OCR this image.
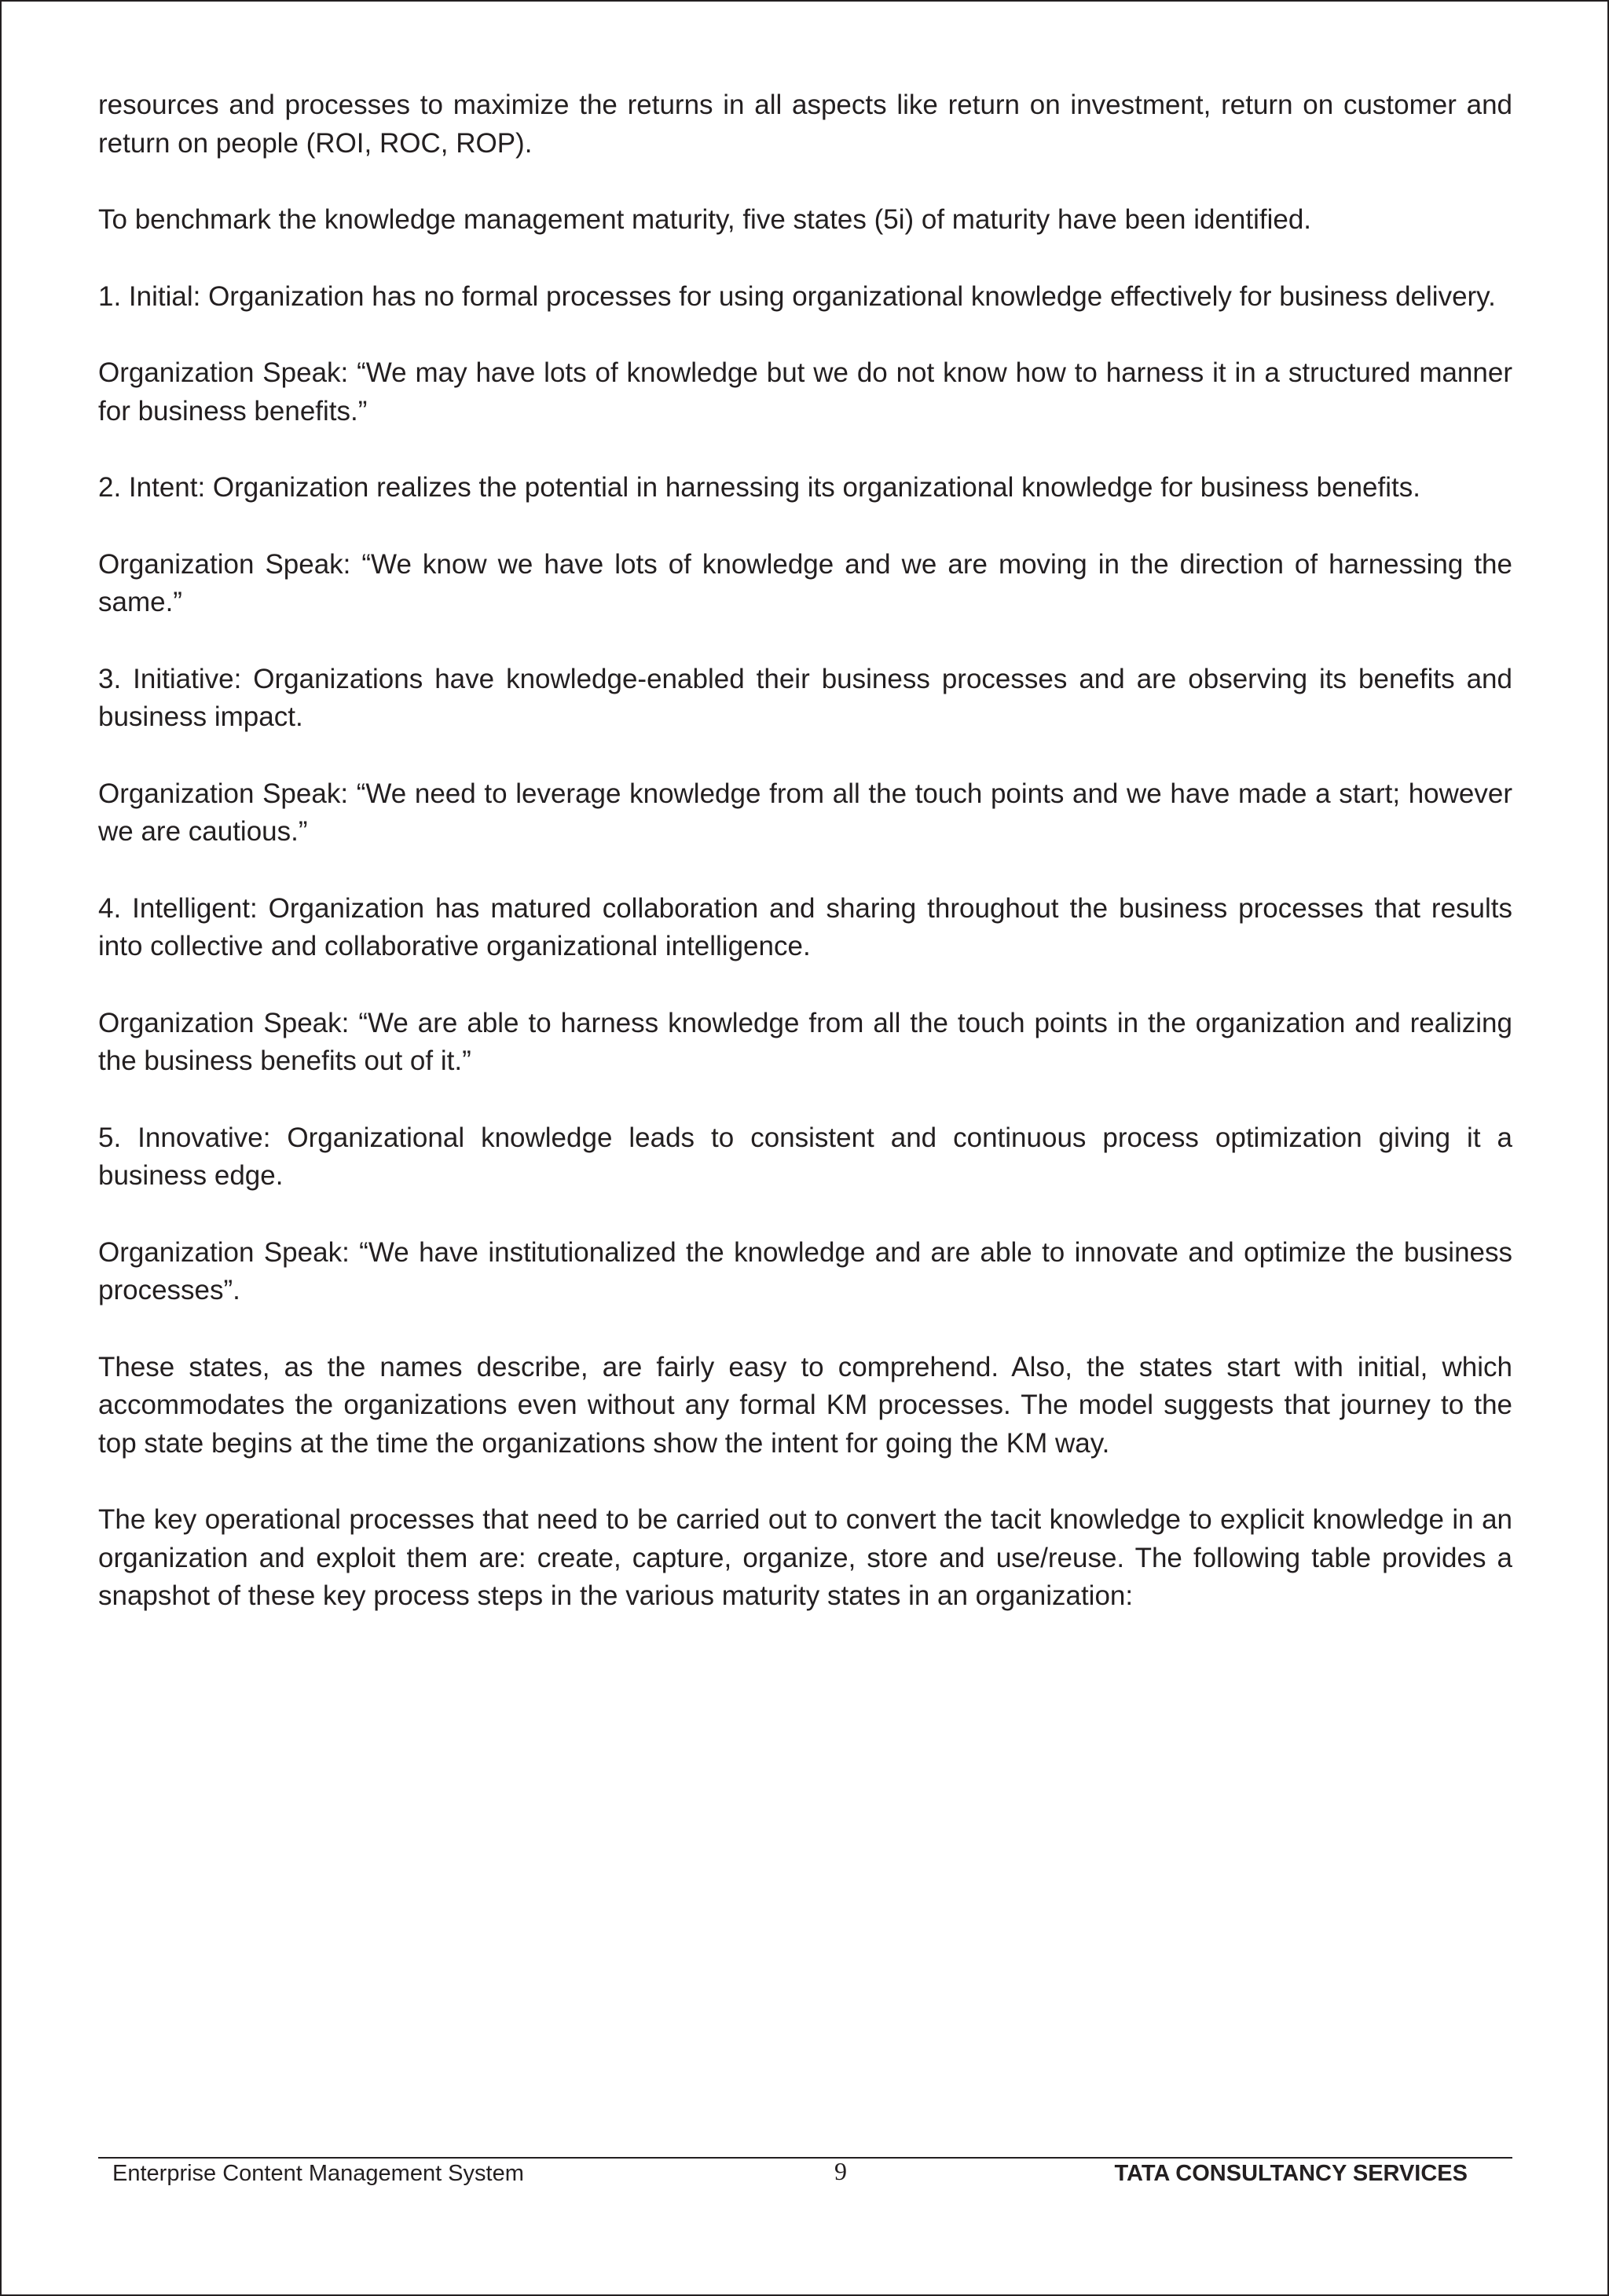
resources and processes to maximize the returns in all aspects like return on investment, return on customer and return on people (ROI, ROC, ROP).

To benchmark the knowledge management maturity, five states (5i) of maturity have been identified.

1. Initial: Organization has no formal processes for using organizational knowledge effectively for business delivery.

Organization Speak: “We may have lots of knowledge but we do not know how to harness it in a structured manner for business benefits.”

2. Intent: Organization realizes the potential in harnessing its organizational knowledge for business benefits.

Organization Speak: “We know we have lots of knowledge and we are moving in the direction of harnessing the same.”

3. Initiative: Organizations have knowledge-enabled their business processes and are observing its benefits and business impact.

Organization Speak: “We need to leverage knowledge from all the touch points and we have made a start; however we are cautious.”

4. Intelligent: Organization has matured collaboration and sharing throughout the business processes that results into collective and collaborative organizational intelligence.

Organization Speak: “We are able to harness knowledge from all the touch points in the organization and realizing the business benefits out of it.”

5. Innovative: Organizational knowledge leads to consistent and continuous process optimization giving it a business edge.

Organization Speak: “We have institutionalized the knowledge and are able to innovate and optimize the business processes”.

These states, as the names describe, are fairly easy to comprehend. Also, the states start with initial, which accommodates the organizations even without any formal KM processes. The model suggests that journey to the top state begins at the time the organizations show the intent for going the KM way.

The key operational processes that need to be carried out to convert the tacit knowledge to explicit knowledge in an organization and exploit them are: create, capture, organize, store and use/reuse. The following table provides a snapshot of these key process steps in the various maturity states in an organization:

Enterprise Content Management System	9	TATA CONSULTANCY SERVICES
